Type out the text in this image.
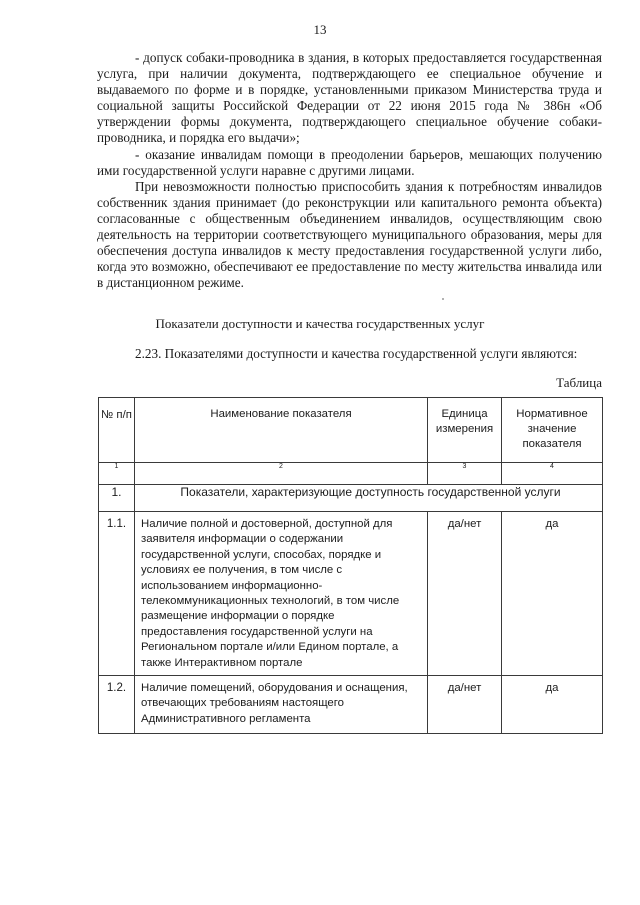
13

- допуск собаки-проводника в здания, в которых предоставляется государственная услуга, при наличии документа, подтверждающего ее специальное обучение и выдаваемого по форме и в порядке, установленными приказом Министерства труда и социальной защиты Российской Федерации от 22 июня 2015 года № 386н «Об утверждении формы документа, подтверждающего специальное обучение собаки-проводника, и порядка его выдачи»;

- оказание инвалидам помощи в преодолении барьеров, мешающих получению ими государственной услуги наравне с другими лицами.

При невозможности полностью приспособить здания к потребностям инвалидов собственник здания принимает (до реконструкции или капитального ремонта объекта) согласованные с общественным объединением инвалидов, осуществляющим свою деятельность на территории соответствующего муниципального образования, меры для обеспечения доступа инвалидов к месту предоставления государственной услуги либо, когда это возможно, обеспечивают ее предоставление по месту жительства инвалида или в дистанционном режиме.

Показатели доступности и качества государственных услуг
2.23. Показателями доступности и качества государственной услуги являются:
Таблица
№ п/п	Наименование показателя	Единица измерения	Нормативное значение показателя
1	2	3	4
1.	Показатели, характеризующие доступность государственной услуги		
1.1.	Наличие полной и достоверной, доступной для заявителя информации о содержании государственной услуги, способах, порядке и условиях ее получения, в том числе с использованием информационно-телекоммуникационных технологий, в том числе размещение информации о порядке предоставления государственной услуги на Региональном портале и/или Едином портале, а также Интерактивном портале	да/нет	да
1.2.	Наличие помещений, оборудования и оснащения, отвечающих требованиям настоящего Административного регламента	да/нет	да
